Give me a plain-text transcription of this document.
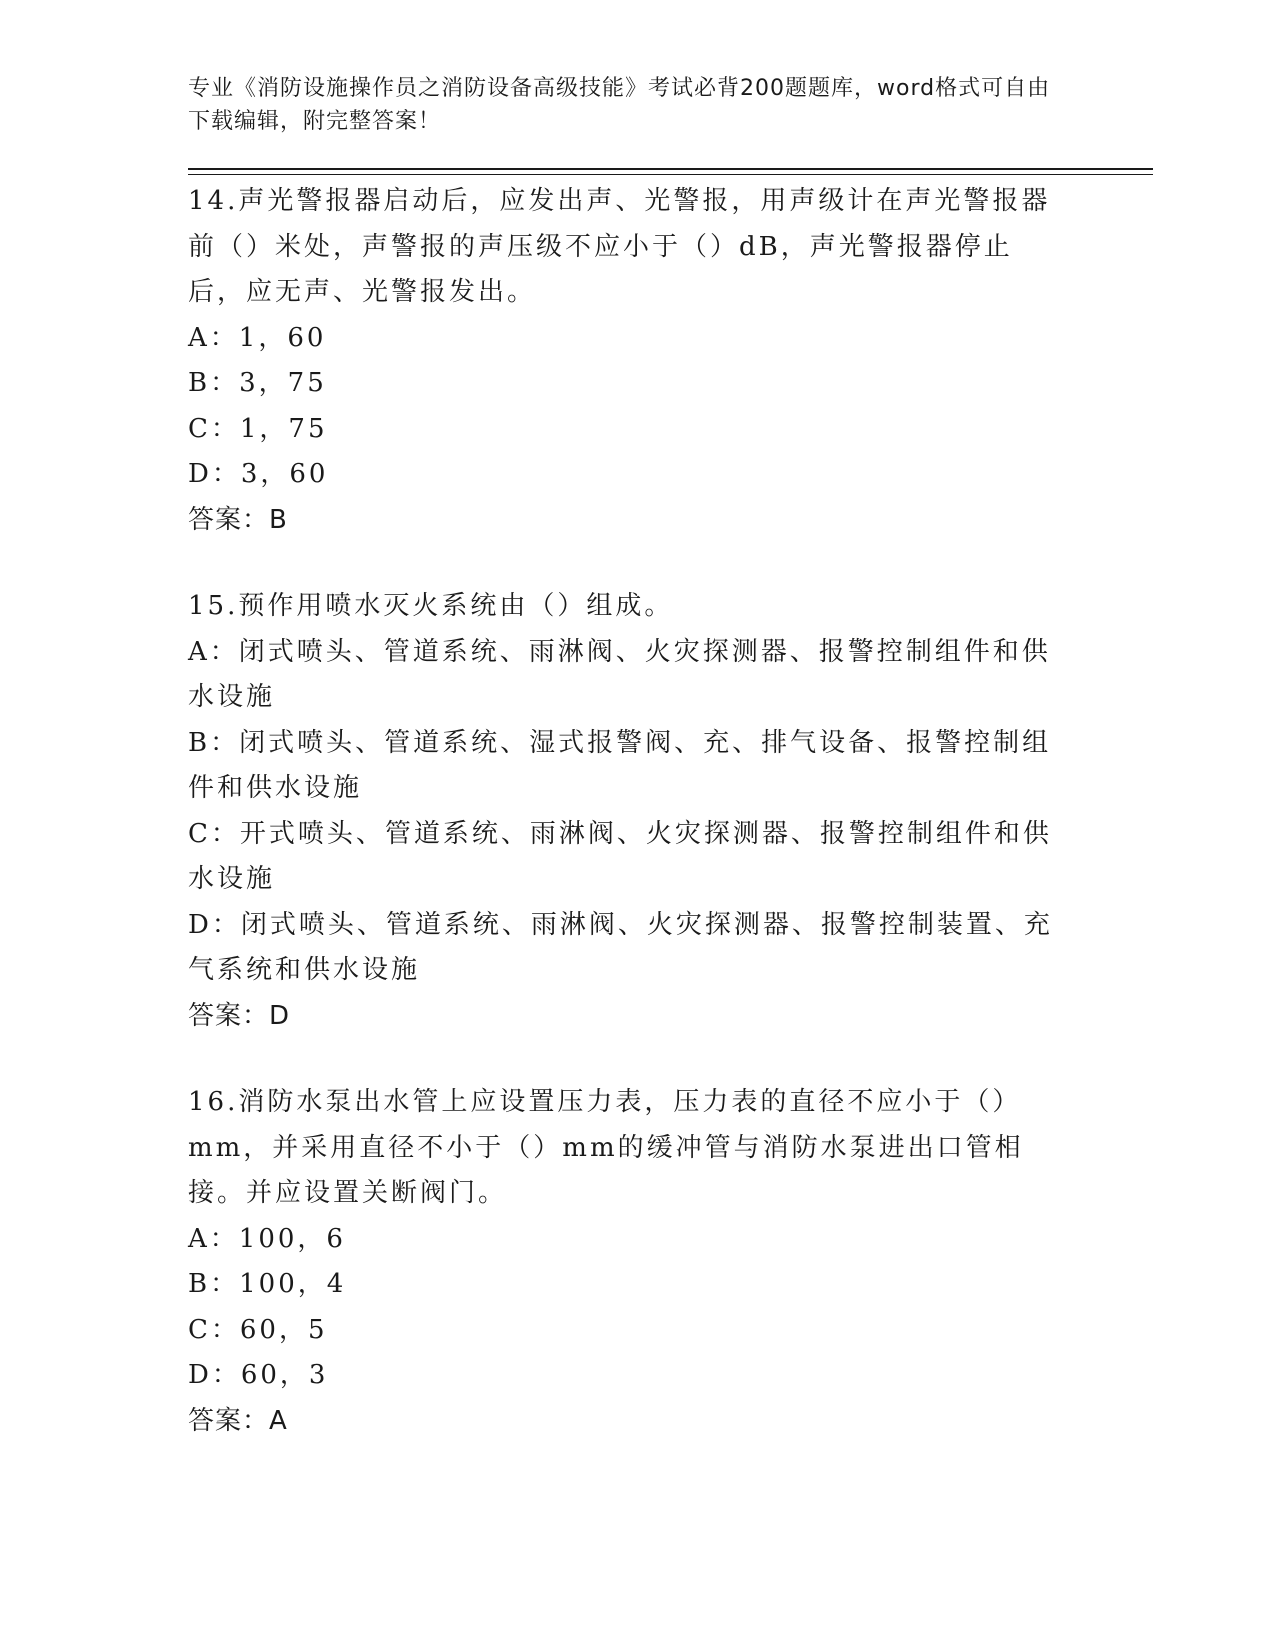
专业《消防设施操作员之消防设备高级技能》考试必背200题题库，word格式可自由下载编辑，附完整答案！

14.声光警报器启动后，应发出声、光警报，用声级计在声光警报器前（）米处，声警报的声压级不应小于（）dB，声光警报器停止后，应无声、光警报发出。

A：1，60

B：3，75

C：1，75

D：3，60

答案：B

15.预作用喷水灭火系统由（）组成。

A：闭式喷头、管道系统、雨淋阀、火灾探测器、报警控制组件和供水设施

B：闭式喷头、管道系统、湿式报警阀、充、排气设备、报警控制组件和供水设施

C：开式喷头、管道系统、雨淋阀、火灾探测器、报警控制组件和供水设施

D：闭式喷头、管道系统、雨淋阀、火灾探测器、报警控制装置、充气系统和供水设施

答案：D

16.消防水泵出水管上应设置压力表，压力表的直径不应小于（）mm，并采用直径不小于（）mm的缓冲管与消防水泵进出口管相接。并应设置关断阀门。

A：100，6

B：100，4

C：60，5

D：60，3

答案：A
